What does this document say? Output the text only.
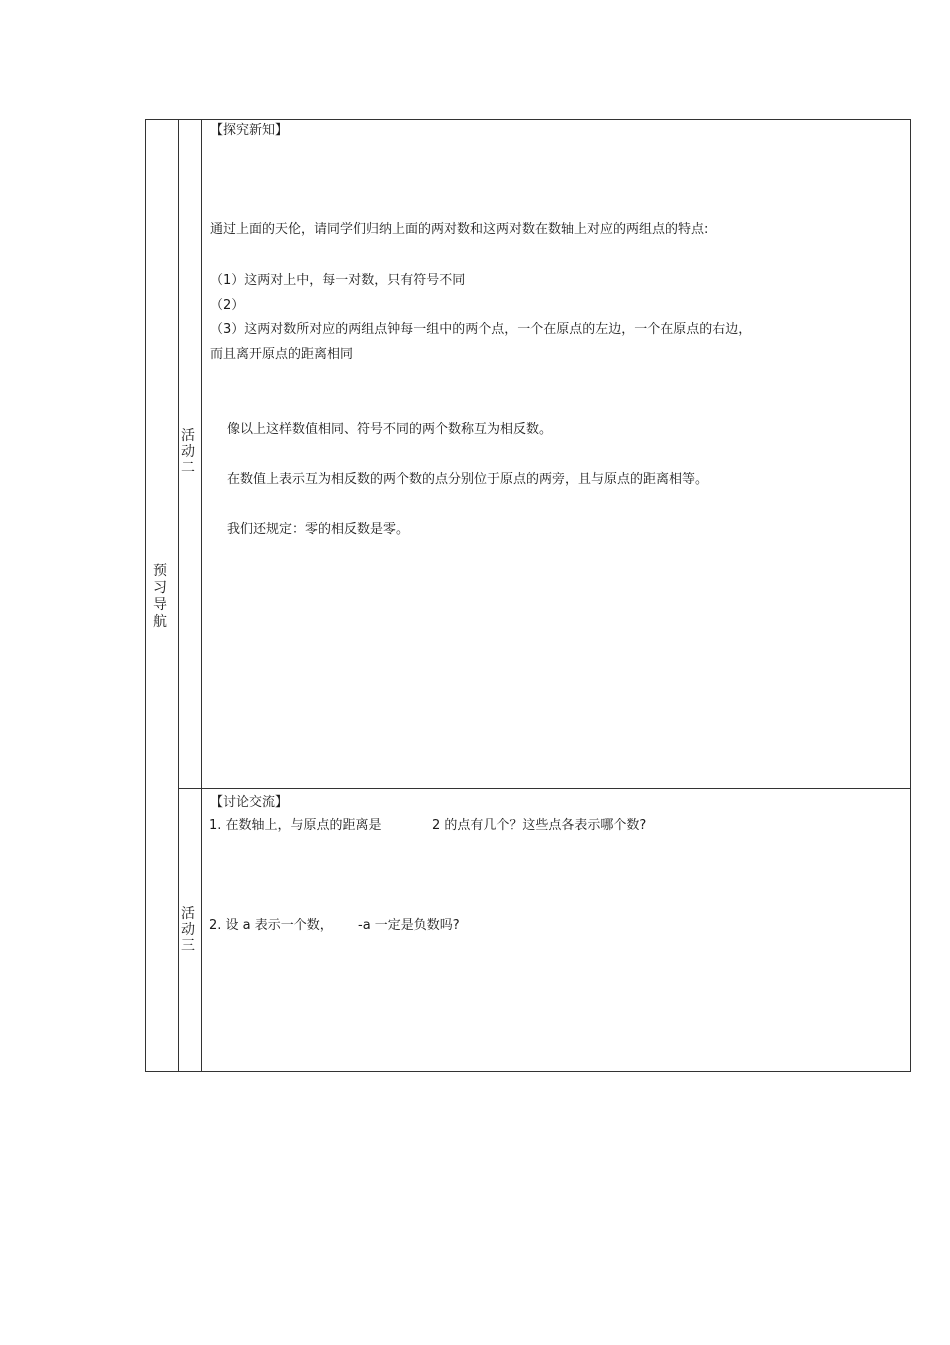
预习导航
活动二
活动三
【探究新知】
通过上面的天伦，请同学们归纳上面的两对数和这两对数在数轴上对应的两组点的特点:
（1）这两对上中，每一对数，只有符号不同
（2）
（3）这两对数所对应的两组点钟每一组中的两个点，一个在原点的左边，一个在原点的右边，
而且离开原点的距离相同
像以上这样数值相同、符号不同的两个数称互为相反数。
在数值上表示互为相反数的两个数的点分别位于原点的两旁，且与原点的距离相等。
我们还规定：零的相反数是零。
【讨论交流】
1. 在数轴上，与原点的距离是	2 的点有几个？这些点各表示哪个数?
2. 设 a 表示一个数， -a 一定是负数吗?
